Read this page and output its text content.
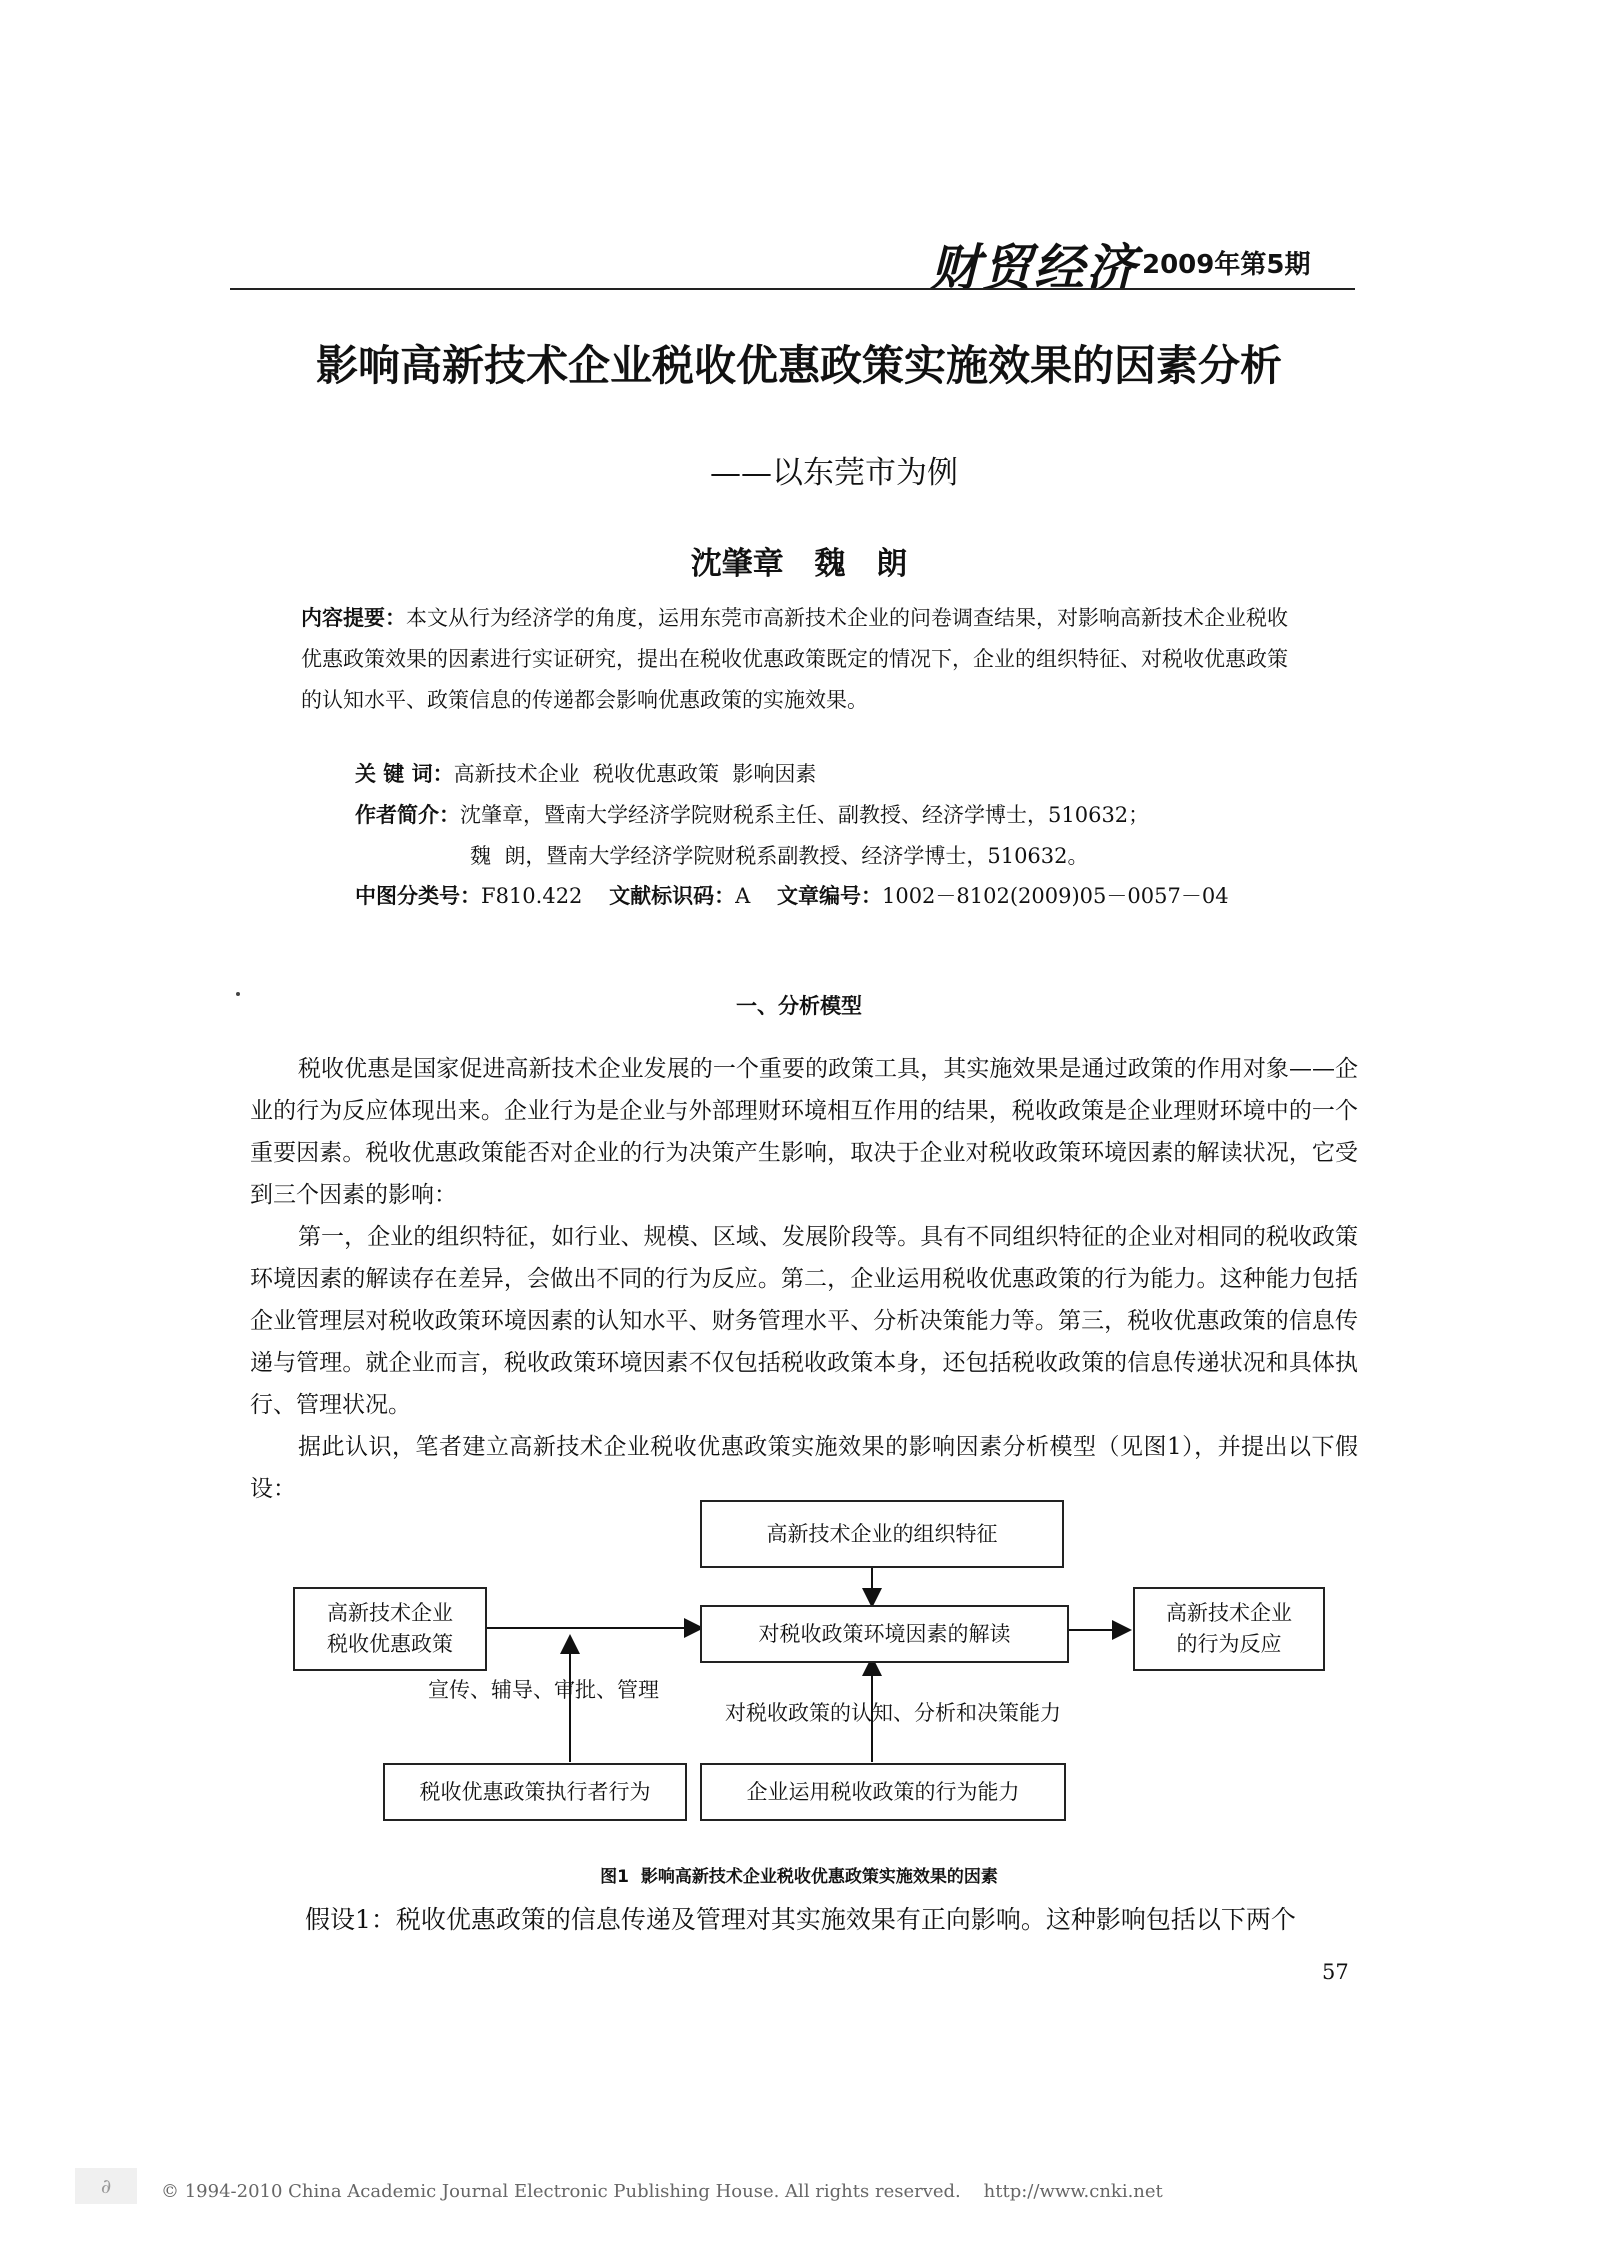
财贸经济 2009年第5期
影响高新技术企业税收优惠政策实施效果的因素分析
——以东莞市为例
沈肇章 魏 朗
内容提要：本文从行为经济学的角度，运用东莞市高新技术企业的问卷调查结果，对影响高新技术企业税收优惠政策效果的因素进行实证研究，提出在税收优惠政策既定的情况下，企业的组织特征、对税收优惠政策的认知水平、政策信息的传递都会影响优惠政策的实施效果。
关 键 词：高新技术企业  税收优惠政策  影响因素
作者简介：沈肇章，暨南大学经济学院财税系主任、副教授、经济学博士，510632；
魏  朗，暨南大学经济学院财税系副教授、经济学博士，510632。
中图分类号：F810.422 文献标识码：A 文章编号：1002－8102(2009)05－0057－04
一、分析模型

税收优惠是国家促进高新技术企业发展的一个重要的政策工具，其实施效果是通过政策的作用对象——企业的行为反应体现出来。企业行为是企业与外部理财环境相互作用的结果，税收政策是企业理财环境中的一个重要因素。税收优惠政策能否对企业的行为决策产生影响，取决于企业对税收政策环境因素的解读状况，它受到三个因素的影响：

第一，企业的组织特征，如行业、规模、区域、发展阶段等。具有不同组织特征的企业对相同的税收政策环境因素的解读存在差异，会做出不同的行为反应。第二，企业运用税收优惠政策的行为能力。这种能力包括企业管理层对税收政策环境因素的认知水平、财务管理水平、分析决策能力等。第三，税收优惠政策的信息传递与管理。就企业而言，税收政策环境因素不仅包括税收政策本身，还包括税收政策的信息传递状况和具体执行、管理状况。

据此认识，笔者建立高新技术企业税收优惠政策实施效果的影响因素分析模型（见图1），并提出以下假设：

高新技术企业的组织特征
高新技术企业
税收优惠政策	对税收政策环境因素的解读
高新技术企业
的行为反应
宣传、辅导、审批、管理
对税收政策的认知、分析和决策能力
税收优惠政策执行者行为	企业运用税收政策的行为能力
图1  影响高新技术企业税收优惠政策实施效果的因素
假设1：税收优惠政策的信息传递及管理对其实施效果有正向影响。这种影响包括以下两个
57
∂	© 1994-2010 China Academic Journal Electronic Publishing House. All rights reserved.    http://www.cnki.net
